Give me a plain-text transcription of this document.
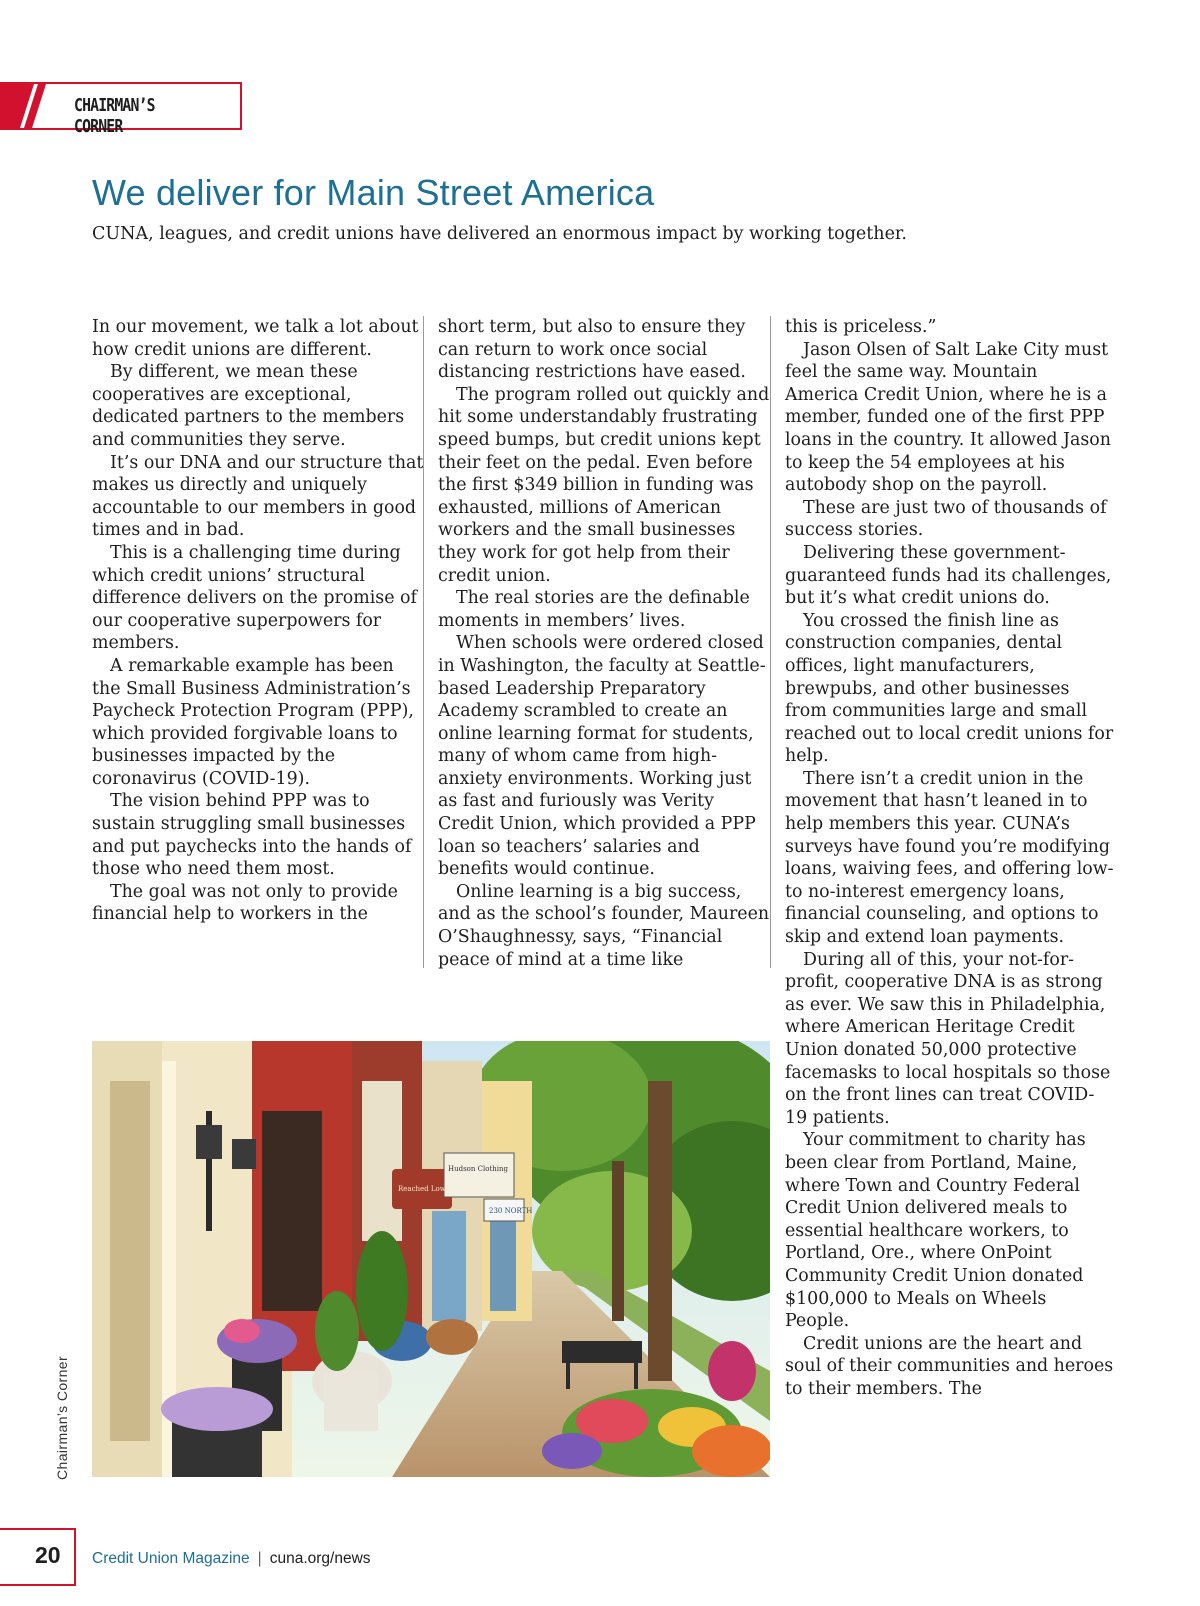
CHAIRMAN’S CORNER
We deliver for Main Street America

CUNA, leagues, and credit unions have delivered an enormous impact by working together.

In our movement, we talk a lot about how credit unions are different.

By different, we mean these cooperatives are exceptional, dedicated partners to the members and communities they serve.

It’s our DNA and our structure that makes us directly and uniquely accountable to our members in good times and in bad.

This is a challenging time during which credit unions’ structural difference delivers on the promise of our cooperative superpowers for members.

A remarkable example has been the Small Business Administration’s Paycheck Protection Program (PPP), which provided forgivable loans to businesses impacted by the coronavirus (COVID-19).

The vision behind PPP was to sustain struggling small businesses and put paychecks into the hands of those who need them most.

The goal was not only to provide financial help to workers in the

short term, but also to ensure they can return to work once social distancing restrictions have eased.

The program rolled out quickly and hit some understandably frustrating speed bumps, but credit unions kept their feet on the pedal. Even before the first $349 billion in funding was exhausted, millions of American workers and the small businesses they work for got help from their credit union.

The real stories are the definable moments in members’ lives.

When schools were ordered closed in Washington, the faculty at Seattle-based Leadership Preparatory Academy scrambled to create an online learning format for students, many of whom came from high-anxiety environments. Working just as fast and furiously was Verity Credit Union, which provided a PPP loan so teachers’ salaries and benefits would continue.

Online learning is a big success, and as the school’s founder, Maureen O’Shaughnessy, says, “Financial peace of mind at a time like

this is priceless.”

Jason Olsen of Salt Lake City must feel the same way. Mountain America Credit Union, where he is a member, funded one of the first PPP loans in the country. It allowed Jason to keep the 54 employees at his autobody shop on the payroll.

These are just two of thousands of success stories.

Delivering these government-guaranteed funds had its challenges, but it’s what credit unions do.

You crossed the finish line as construction companies, dental offices, light manufacturers, brewpubs, and other businesses from communities large and small reached out to local credit unions for help.

There isn’t a credit union in the movement that hasn’t leaned in to help members this year. CUNA’s surveys have found you’re modifying loans, waiving fees, and offering low- to no-interest emergency loans, financial counseling, and options to skip and extend loan payments.

During all of this, your not-for-profit, cooperative DNA is as strong as ever. We saw this in Philadelphia, where American Heritage Credit Union donated 50,000 protective facemasks to local hospitals so those on the front lines can treat COVID-19 patients.

Your commitment to charity has been clear from Portland, Maine, where Town and Country Federal Credit Union delivered meals to essential healthcare workers, to Portland, Ore., where OnPoint Community Credit Union donated $100,000 to Meals on Wheels People.

Credit unions are the heart and soul of their communities and heroes to their members. The

Hudson Clothing
Reached Lowl
230 NORTH
Chairman’s Corner
20 Credit Union Magazine | cuna.org/news
